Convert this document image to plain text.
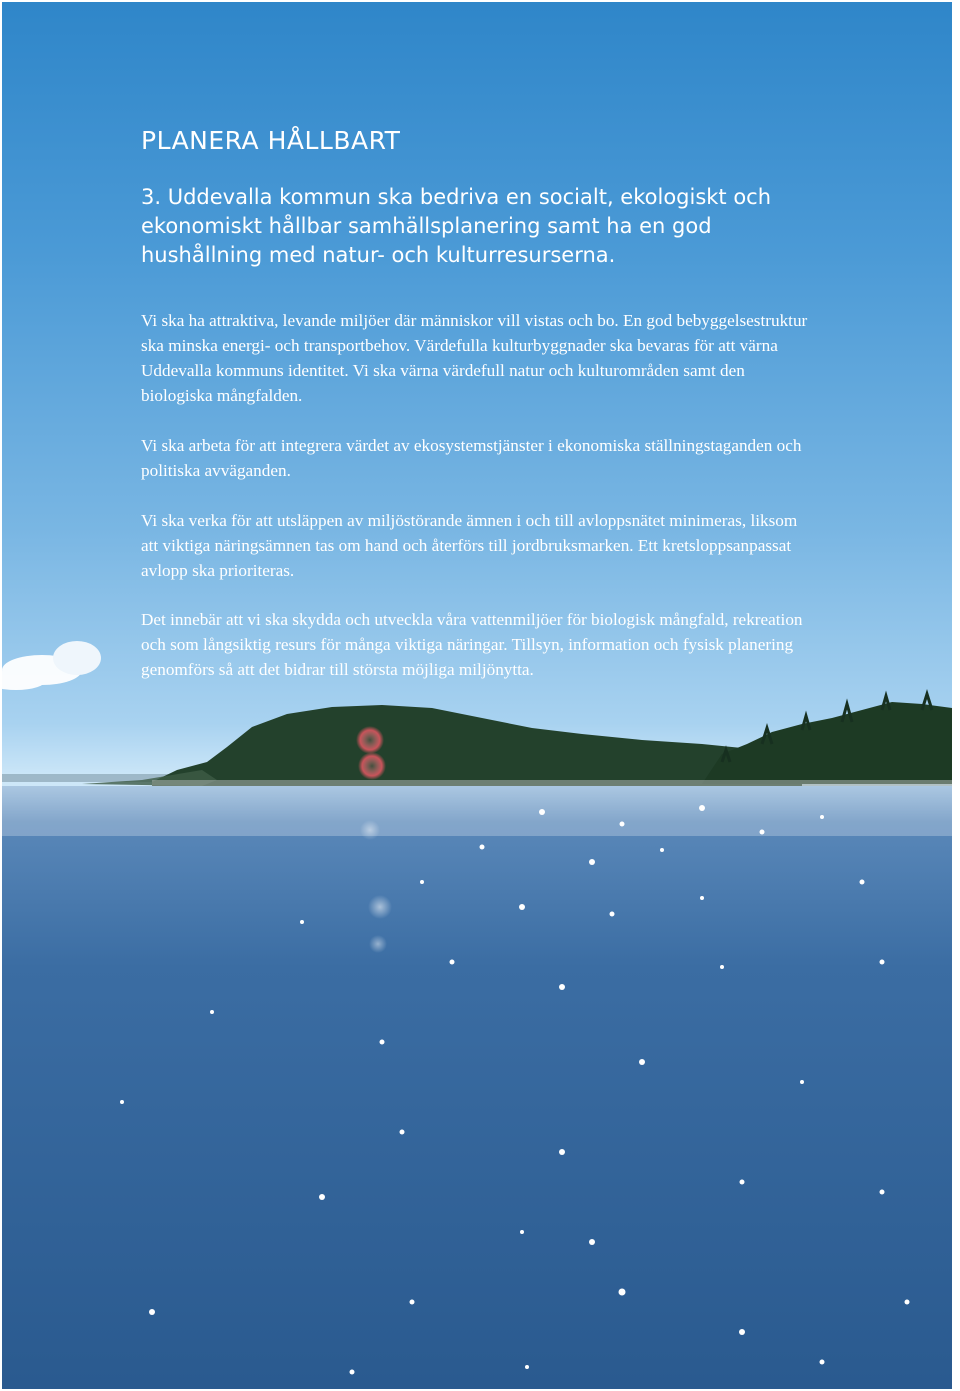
PLANERA HÅLLBART

3. Uddevalla kommun ska bedriva en socialt, ekologiskt och ekonomiskt hållbar samhällsplanering samt ha en god hushållning med natur- och kulturresurserna.

Vi ska ha attraktiva, levande miljöer där människor vill vistas och bo. En god bebyggelsestruktur ska minska energi- och transportbehov. Värdefulla kulturbyggnader ska bevaras för att värna Uddevalla kommuns identitet. Vi ska värna värdefull natur och kulturområden samt den biologiska mångfalden.

Vi ska arbeta för att integrera värdet av ekosystemstjänster i ekonomiska ställningstaganden och politiska avväganden.

Vi ska verka för att utsläppen av miljöstörande ämnen i och till avloppsnätet minimeras, liksom att viktiga näringsämnen tas om hand och återförs till jordbruksmarken. Ett kretsloppsanpassat avlopp ska prioriteras.

Det innebär att vi ska skydda och utveckla våra vattenmiljöer för biologisk mångfald, rekreation och som långsiktig resurs för många viktiga näringar. Tillsyn, information och fysisk planering genomförs så att det bidrar till största möjliga miljönytta.
